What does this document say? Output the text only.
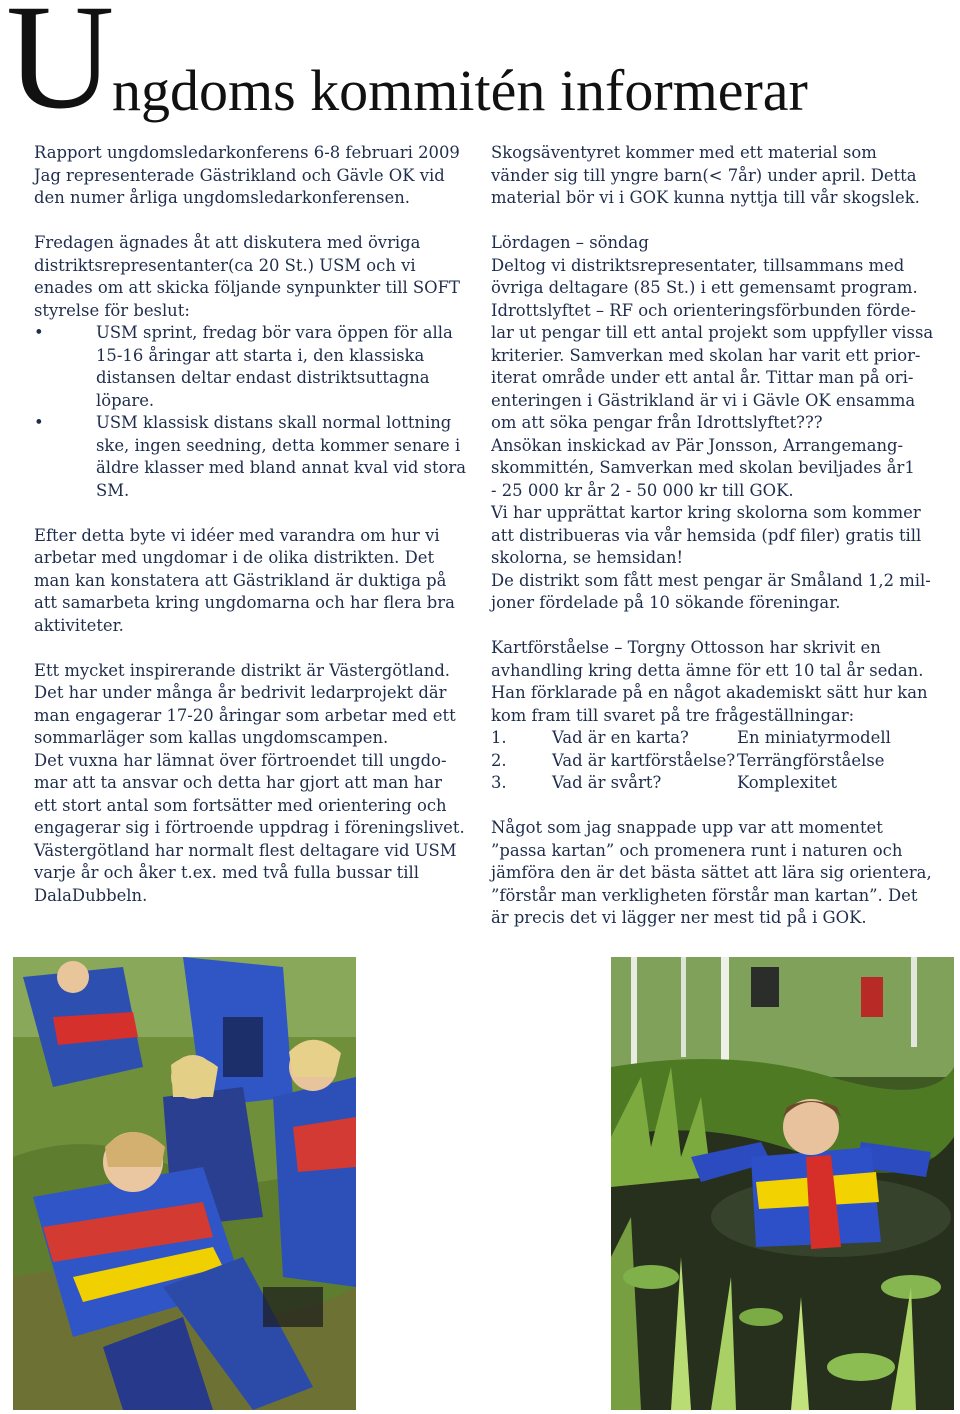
U
ngdoms kommitén informerar

Rapport ungdomsledarkonferens 6-8 februari 2009
Jag representerade Gästrikland och Gävle OK vid
den numer årliga ungdomsledarkonferensen.

Fredagen ägnades åt att diskutera med övriga
distriktsrepresentanter(ca 20 St.) USM och vi
enades om att skicka följande synpunkter till SOFT
styrelse för beslut:

•	USM sprint, fredag bör vara öppen för alla
15-16 åringar att starta i, den klassiska
distansen deltar endast distriktsuttagna
löpare.
•	USM klassisk distans skall normal lottning
ske, ingen seedning, detta kommer senare i
äldre klasser med bland annat kval vid stora
SM.

Efter detta byte vi idéer med varandra om hur vi
arbetar med ungdomar i de olika distrikten. Det
man kan konstatera att Gästrikland är duktiga på
att samarbeta kring ungdomarna och har flera bra
aktiviteter.

Ett mycket inspirerande distrikt är Västergötland.
Det har under många år bedrivit ledarprojekt där
man engagerar 17-20 åringar som arbetar med ett
sommarläger som kallas ungdomscampen.
Det vuxna har lämnat över förtroendet till ungdo-
mar att ta ansvar och detta har gjort att man har
ett stort antal som fortsätter med orientering och
engagerar sig i förtroende uppdrag i föreningslivet.
Västergötland har normalt flest deltagare vid USM
varje år och åker t.ex. med två fulla bussar till
DalaDubbeln.

Skogsäventyret kommer med ett material som
vänder sig till yngre barn(< 7år) under april. Detta
material bör vi i GOK kunna nyttja till vår skogslek.

Lördagen – söndag
Deltog vi distriktsrepresentater, tillsammans med
övriga deltagare (85 St.) i ett gemensamt program.
Idrottslyftet – RF och orienteringsförbunden förde-
lar ut pengar till ett antal projekt som uppfyller vissa
kriterier. Samverkan med skolan har varit ett prior-
iterat område under ett antal år. Tittar man på ori-
enteringen i Gästrikland är vi i Gävle OK ensamma
om att söka pengar från Idrottslyftet???
Ansökan inskickad av Pär Jonsson, Arrangemang-
skommittén, Samverkan med skolan beviljades år1
- 25 000 kr år 2 - 50 000 kr till GOK.
Vi har upprättat kartor kring skolorna som kommer
att distribueras via vår hemsida (pdf filer) gratis till
skolorna, se hemsidan!
De distrikt som fått mest pengar är Småland 1,2 mil-
joner fördelade på 10 sökande föreningar.

Kartförståelse – Torgny Ottosson har skrivit en
avhandling kring detta ämne för ett 10 tal år sedan.
Han förklarade på en något akademiskt sätt hur kan
kom fram till svaret på tre frågeställningar:

1.	Vad är en karta?	En miniatyrmodell
2.	Vad är kartförståelse? Terrängförståelse
3.	Vad är svårt?	Komplexitet

Något som jag snappade upp var att momentet
”passa kartan” och promenera runt i naturen och
jämföra den är det bästa sättet att lära sig orientera,
”förstår man verkligheten förstår man kartan”. Det
är precis det vi lägger ner mest tid på i GOK.
